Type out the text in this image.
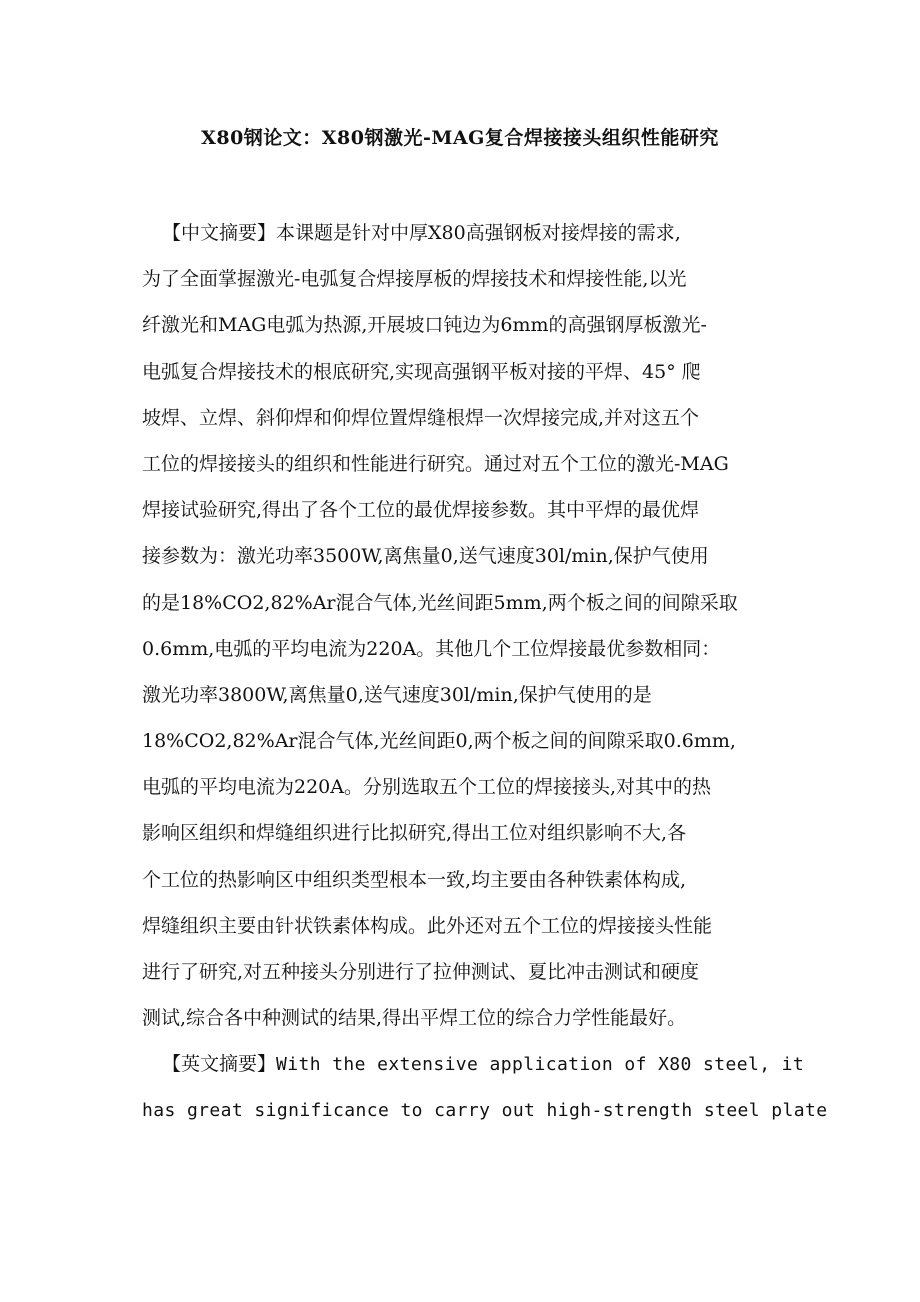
X80钢论文：X80钢激光-MAG复合焊接接头组织性能研究
【中文摘要】本课题是针对中厚X80高强钢板对接焊接的需求,
为了全面掌握激光-电弧复合焊接厚板的焊接技术和焊接性能,以光
纤激光和MAG电弧为热源,开展坡口钝边为6mm的高强钢厚板激光-
电弧复合焊接技术的根底研究,实现高强钢平板对接的平焊、45° 爬
坡焊、立焊、斜仰焊和仰焊位置焊缝根焊一次焊接完成,并对这五个
工位的焊接接头的组织和性能进行研究。通过对五个工位的激光-MAG
焊接试验研究,得出了各个工位的最优焊接参数。其中平焊的最优焊
接参数为：激光功率3500W,离焦量0,送气速度30l/min,保护气使用
的是18%CO2,82%Ar混合气体,光丝间距5mm,两个板之间的间隙采取
0.6mm,电弧的平均电流为220A。其他几个工位焊接最优参数相同：
激光功率3800W,离焦量0,送气速度30l/min,保护气使用的是
18%CO2,82%Ar混合气体,光丝间距0,两个板之间的间隙采取0.6mm,
电弧的平均电流为220A。分别选取五个工位的焊接接头,对其中的热
影响区组织和焊缝组织进行比拟研究,得出工位对组织影响不大,各
个工位的热影响区中组织类型根本一致,均主要由各种铁素体构成,
焊缝组织主要由针状铁素体构成。此外还对五个工位的焊接接头性能
进行了研究,对五种接头分别进行了拉伸测试、夏比冲击测试和硬度
测试,综合各中种测试的结果,得出平焊工位的综合力学性能最好。
【英文摘要】With the extensive application of X80 steel, it
has great significance to carry out high-strength steel plate
